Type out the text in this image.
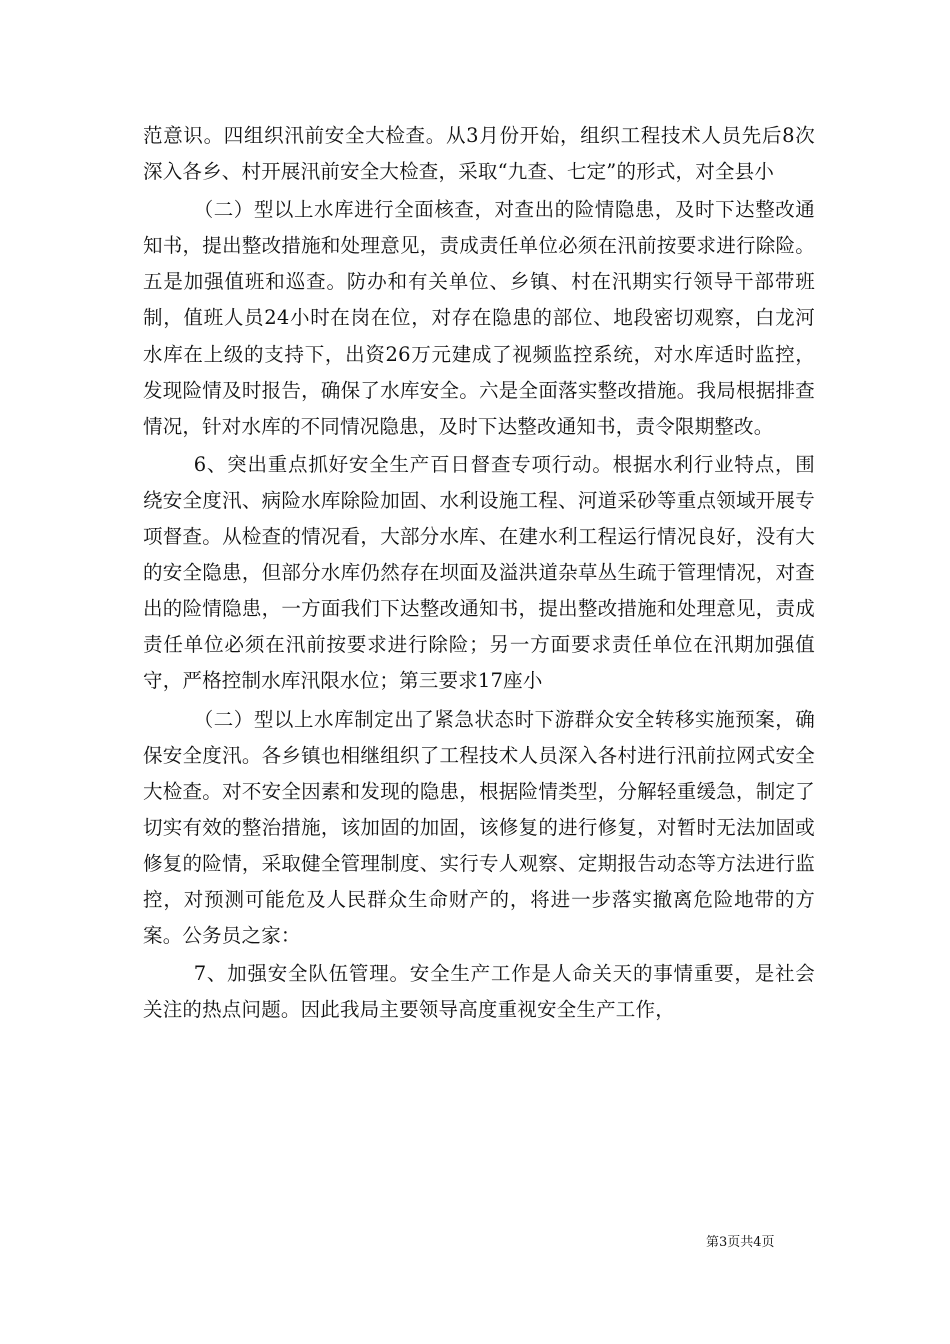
范意识。四组织汛前安全大检查。从3月份开始，组织工程技术人员先后8次深入各乡、村开展汛前安全大检查，采取“九查、七定”的形式，对全县小

（二）型以上水库进行全面核查，对查出的险情隐患，及时下达整改通知书，提出整改措施和处理意见，责成责任单位必须在汛前按要求进行除险。五是加强值班和巡查。防办和有关单位、乡镇、村在汛期实行领导干部带班制，值班人员24小时在岗在位，对存在隐患的部位、地段密切观察，白龙河水库在上级的支持下，出资26万元建成了视频监控系统，对水库适时监控，发现险情及时报告，确保了水库安全。六是全面落实整改措施。我局根据排查情况，针对水库的不同情况隐患，及时下达整改通知书，责令限期整改。

6、突出重点抓好安全生产百日督查专项行动。根据水利行业特点，围绕安全度汛、病险水库除险加固、水利设施工程、河道采砂等重点领域开展专项督查。从检查的情况看，大部分水库、在建水利工程运行情况良好，没有大的安全隐患，但部分水库仍然存在坝面及溢洪道杂草丛生疏于管理情况，对查出的险情隐患，一方面我们下达整改通知书，提出整改措施和处理意见，责成责任单位必须在汛前按要求进行除险；另一方面要求责任单位在汛期加强值守，严格控制水库汛限水位；第三要求17座小

（二）型以上水库制定出了紧急状态时下游群众安全转移实施预案，确保安全度汛。各乡镇也相继组织了工程技术人员深入各村进行汛前拉网式安全大检查。对不安全因素和发现的隐患，根据险情类型，分解轻重缓急，制定了切实有效的整治措施，该加固的加固，该修复的进行修复，对暂时无法加固或修复的险情，采取健全管理制度、实行专人观察、定期报告动态等方法进行监控，对预测可能危及人民群众生命财产的，将进一步落实撤离危险地带的方案。公务员之家：

7、加强安全队伍管理。安全生产工作是人命关天的事情重要，是社会关注的热点问题。因此我局主要领导高度重视安全生产工作，

第3页共4页
